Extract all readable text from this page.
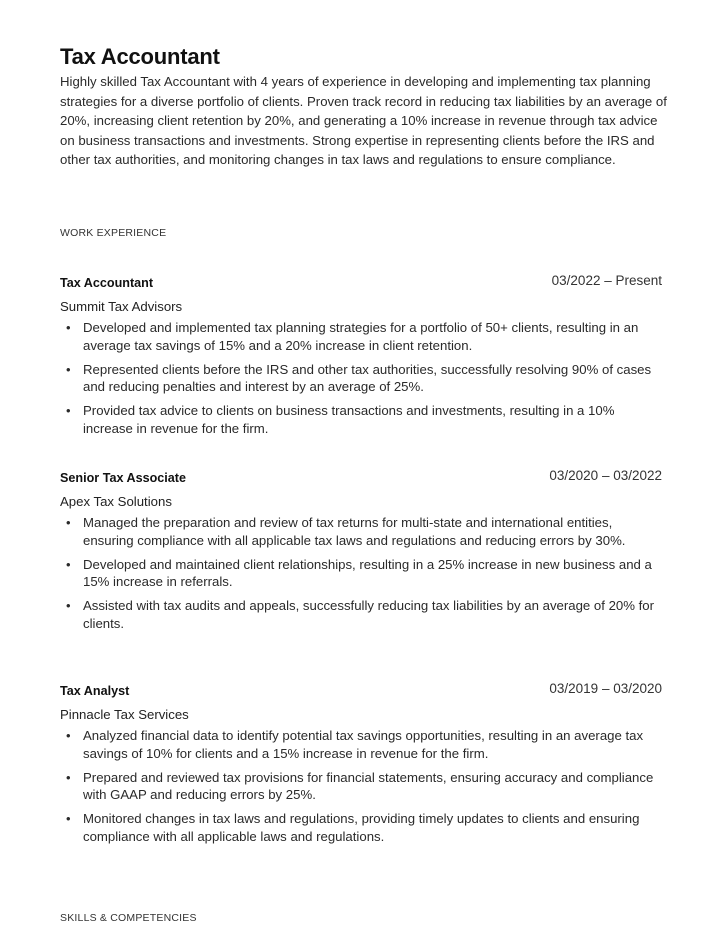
Tax Accountant

Highly skilled Tax Accountant with 4 years of experience in developing and implementing tax planning strategies for a diverse portfolio of clients. Proven track record in reducing tax liabilities by an average of 20%, increasing client retention by 20%, and generating a 10% increase in revenue through tax advice on business transactions and investments. Strong expertise in representing clients before the IRS and other tax authorities, and monitoring changes in tax laws and regulations to ensure compliance.

WORK EXPERIENCE
Tax Accountant	03/2022 – Present
Summit Tax Advisors
• Developed and implemented tax planning strategies for a portfolio of 50+ clients, resulting in an average tax savings of 15% and a 20% increase in client retention.
• Represented clients before the IRS and other tax authorities, successfully resolving 90% of cases and reducing penalties and interest by an average of 25%.
• Provided tax advice to clients on business transactions and investments, resulting in a 10% increase in revenue for the firm.
Senior Tax Associate	03/2020 – 03/2022
Apex Tax Solutions
• Managed the preparation and review of tax returns for multi-state and international entities, ensuring compliance with all applicable tax laws and regulations and reducing errors by 30%.
• Developed and maintained client relationships, resulting in a 25% increase in new business and a 15% increase in referrals.
• Assisted with tax audits and appeals, successfully reducing tax liabilities by an average of 20% for clients.
Tax Analyst	03/2019 – 03/2020
Pinnacle Tax Services
• Analyzed financial data to identify potential tax savings opportunities, resulting in an average tax savings of 10% for clients and a 15% increase in revenue for the firm.
• Prepared and reviewed tax provisions for financial statements, ensuring accuracy and compliance with GAAP and reducing errors by 25%.
• Monitored changes in tax laws and regulations, providing timely updates to clients and ensuring compliance with all applicable laws and regulations.
SKILLS & COMPETENCIES
